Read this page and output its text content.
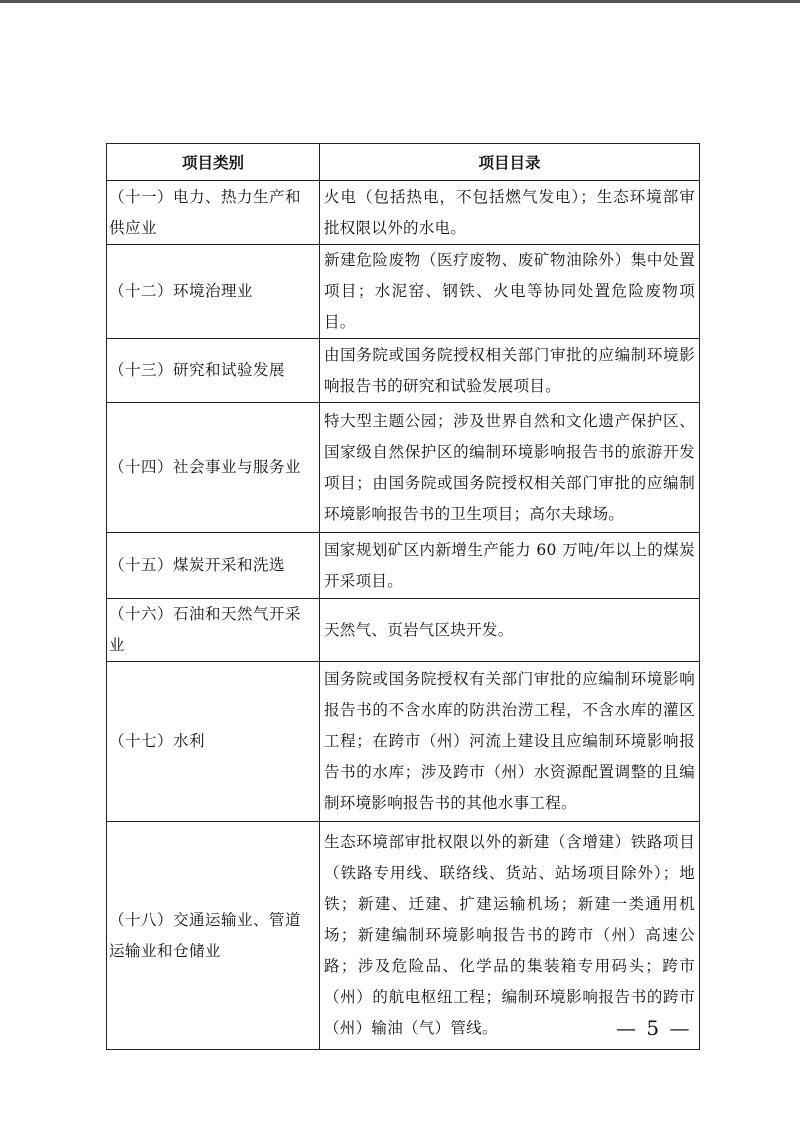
项目类别	项目目录
（十一）电力、热力生产和供应业	火电（包括热电，不包括燃气发电）；生态环境部审批权限以外的水电。
（十二）环境治理业	新建危险废物（医疗废物、废矿物油除外）集中处置项目；水泥窑、钢铁、火电等协同处置危险废物项目。
（十三）研究和试验发展	由国务院或国务院授权相关部门审批的应编制环境影响报告书的研究和试验发展项目。
（十四）社会事业与服务业	特大型主题公园；涉及世界自然和文化遗产保护区、国家级自然保护区的编制环境影响报告书的旅游开发项目；由国务院或国务院授权相关部门审批的应编制环境影响报告书的卫生项目；高尔夫球场。
（十五）煤炭开采和洗选	国家规划矿区内新增生产能力 60 万吨/年以上的煤炭开采项目。
（十六）石油和天然气开采业	天然气、页岩气区块开发。
（十七）水利	国务院或国务院授权有关部门审批的应编制环境影响报告书的不含水库的防洪治涝工程，不含水库的灌区工程；在跨市（州）河流上建设且应编制环境影响报告书的水库；涉及跨市（州）水资源配置调整的且编制环境影响报告书的其他水事工程。
（十八）交通运输业、管道运输业和仓储业	生态环境部审批权限以外的新建（含增建）铁路项目（铁路专用线、联络线、货站、站场项目除外）；地铁；新建、迁建、扩建运输机场；新建一类通用机场；新建编制环境影响报告书的跨市（州）高速公路；涉及危险品、化学品的集装箱专用码头；跨市（州）的航电枢纽工程；编制环境影响报告书的跨市（州）输油（气）管线。	— 5 —
